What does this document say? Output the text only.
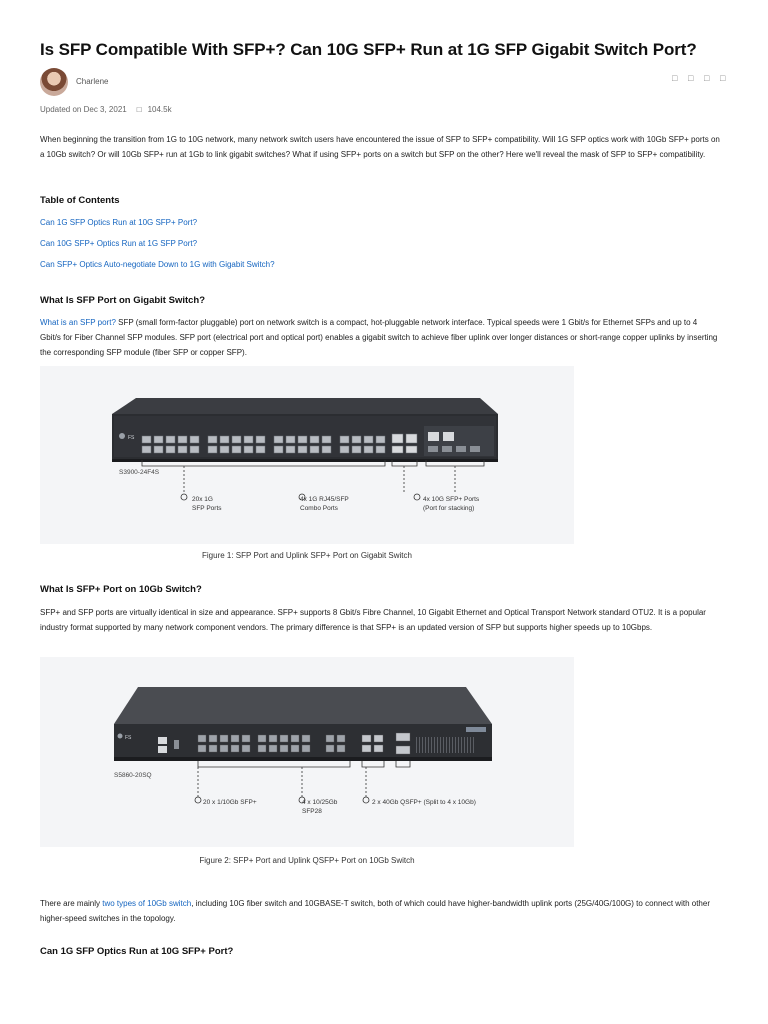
Is SFP Compatible With SFP+? Can 10G SFP+ Run at 1G SFP Gigabit Switch Port?
Charlene	□ □ □ □
Updated on Dec 3, 2021 □ 104.5k

When beginning the transition from 1G to 10G network, many network switch users have encountered the issue of SFP to SFP+ compatibility. Will 1G SFP optics work with 10Gb SFP+ ports on a 10Gb switch? Or will 10Gb SFP+ run at 1Gb to link gigabit switches? What if using SFP+ ports on a switch but SFP on the other? Here we'll reveal the mask of SFP to SFP+ compatibility.

Table of Contents
Can 1G SFP Optics Run at 10G SFP+ Port?
Can 10G SFP+ Optics Run at 1G SFP Port?
Can SFP+ Optics Auto-negotiate Down to 1G with Gigabit Switch?
What Is SFP Port on Gigabit Switch?

What is an SFP port? SFP (small form-factor pluggable) port on network switch is a compact, hot-pluggable network interface. Typical speeds were 1 Gbit/s for Ethernet SFPs and up to 4 Gbit/s for Fiber Channel SFP modules. SFP port (electrical port and optical port) enables a gigabit switch to achieve fiber uplink over longer distances or short-range copper uplinks by inserting the corresponding SFP module (fiber SFP or copper SFP).

FS
S3900-24F4S
20x 1G
SFP Ports
4x 1G RJ45/SFP
Combo Ports
4x 10G SFP+ Ports
(Port for stacking)
Figure 1: SFP Port and Uplink SFP+ Port on Gigabit Switch
What Is SFP+ Port on 10Gb Switch?

SFP+ and SFP ports are virtually identical in size and appearance. SFP+ supports 8 Gbit/s Fibre Channel, 10 Gigabit Ethernet and Optical Transport Network standard OTU2. It is a popular industry format supported by many network component vendors. The primary difference is that SFP+ is an updated version of SFP but supports higher speeds up to 10Gbps.

FS
S5860-20SQ
20 x 1/10Gb SFP+	4 x 10/25Gb
SFP28
2 x 40Gb QSFP+ (Split to 4 x 10Gb)
Figure 2: SFP+ Port and Uplink QSFP+ Port on 10Gb Switch

There are mainly two types of 10Gb switch, including 10G fiber switch and 10GBASE-T switch, both of which could have higher-bandwidth uplink ports (25G/40G/100G) to connect with other higher-speed switches in the topology.

Can 1G SFP Optics Run at 10G SFP+ Port?
